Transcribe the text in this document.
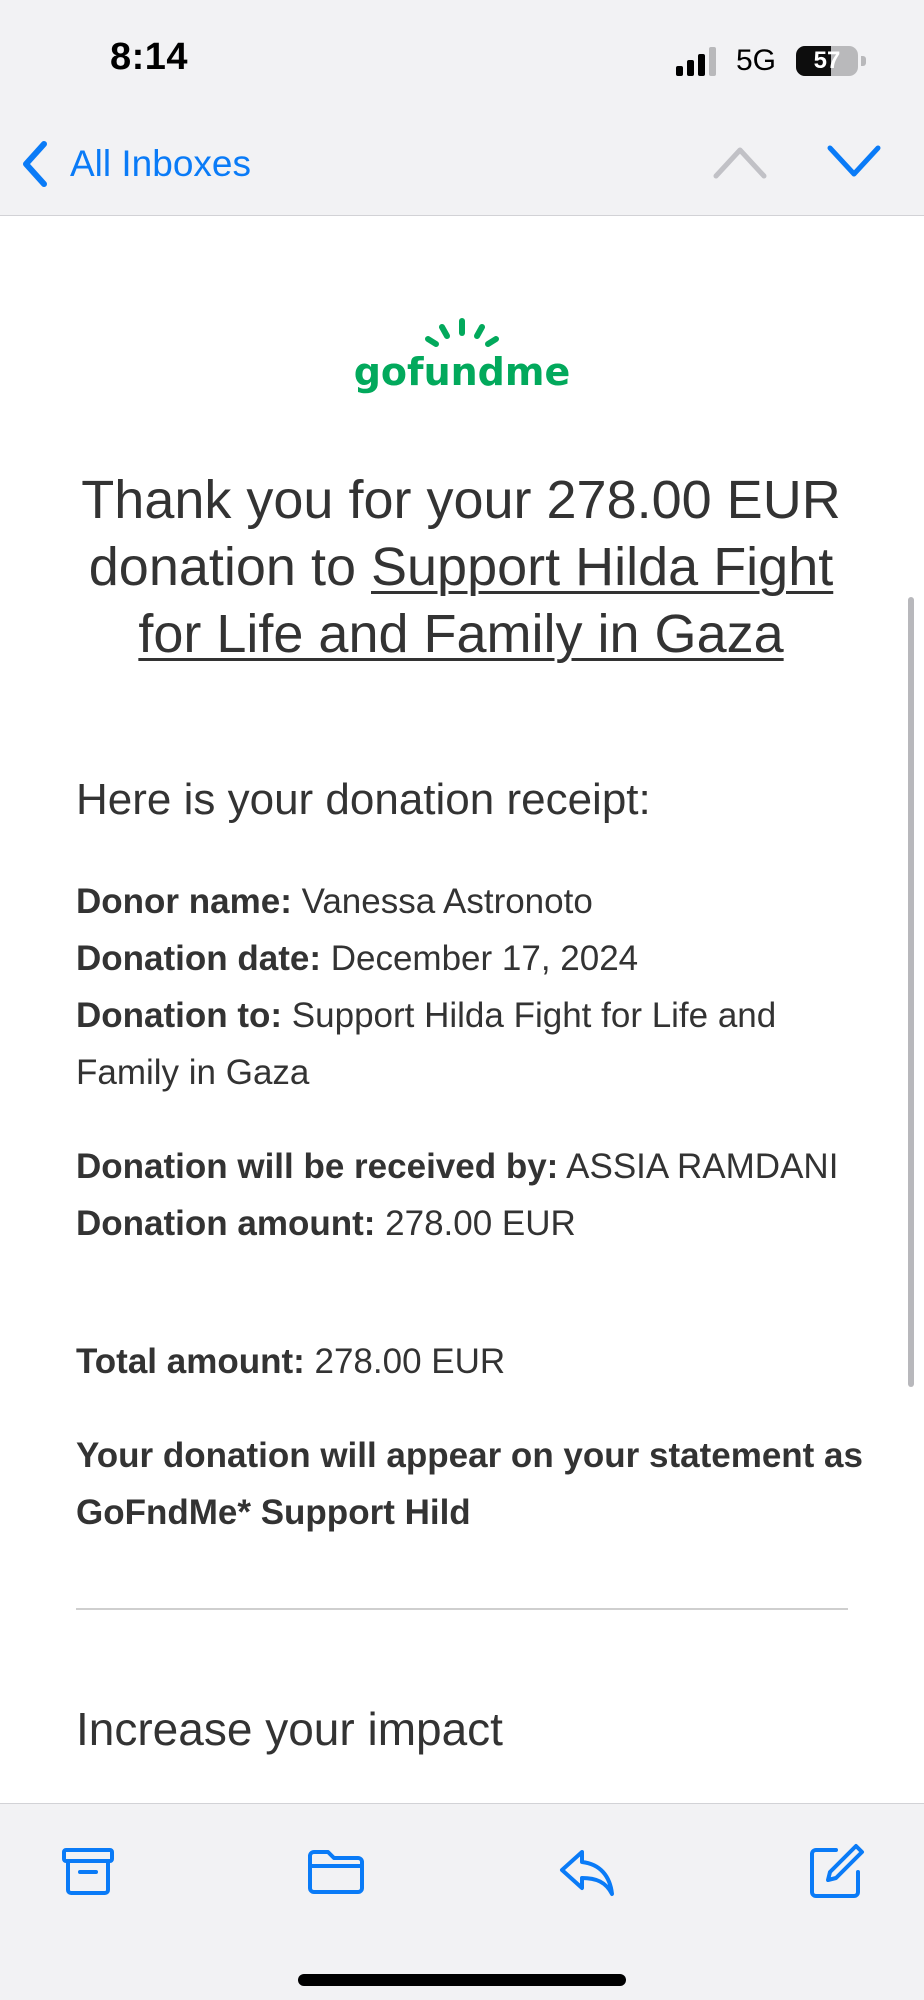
8:14	5G	57
All Inboxes
gofundme
Thank you for your 278.00 EUR donation to Support Hilda Fight for Life and Family in Gaza
Here is your donation receipt:
Donor name: Vanessa Astronoto
Donation date: December 17, 2024
Donation to: Support Hilda Fight for Life and Family in Gaza
Donation will be received by: ASSIA RAMDANI
Donation amount: 278.00 EUR
Total amount: 278.00 EUR
Your donation will appear on your statement as GoFndMe* Support Hild
Increase your impact
